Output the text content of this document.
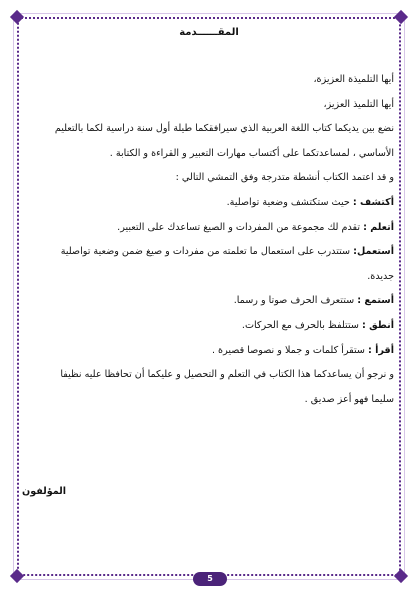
المقــــــدمة
أيها التلميذة العزيزة،
أيها التلميذ العزيز،
نضع بين يديكما كتاب اللغة العربية الذي سيرافقكما طيلة أول سنة دراسية لكما بالتعليم
الأساسي ، لمساعدتكما على أكتساب مهارات التعبير و القراءة و الكتابة .
و قد اعتمد الكتاب أنشطة متدرجة وفق التمشي التالي :
أكتشف : حيث ستكتشف وضعية تواصلية.
أتعلم : تقدم لك مجموعة من المفردات و الصيغ تساعدك على التعبير.
أستعمل: ستتدرب على استعمال ما تعلمته من مفردات و صيغ ضمن وضعية تواصلية
جديدة.
أستمع : ستتعرف الحرف صوتا و رسما.
أنطق : ستتلفظ بالحرف مع الحركات.
أقرأ : ستقرأ كلمات و جملا و نصوصا قصيرة .
و نرجو أن يساعدكما هذا الكتاب في التعلم و التحصيل و عليكما أن تحافظا عليه نظيفا
سليما فهو أعز صديق .
المؤلفون
5
